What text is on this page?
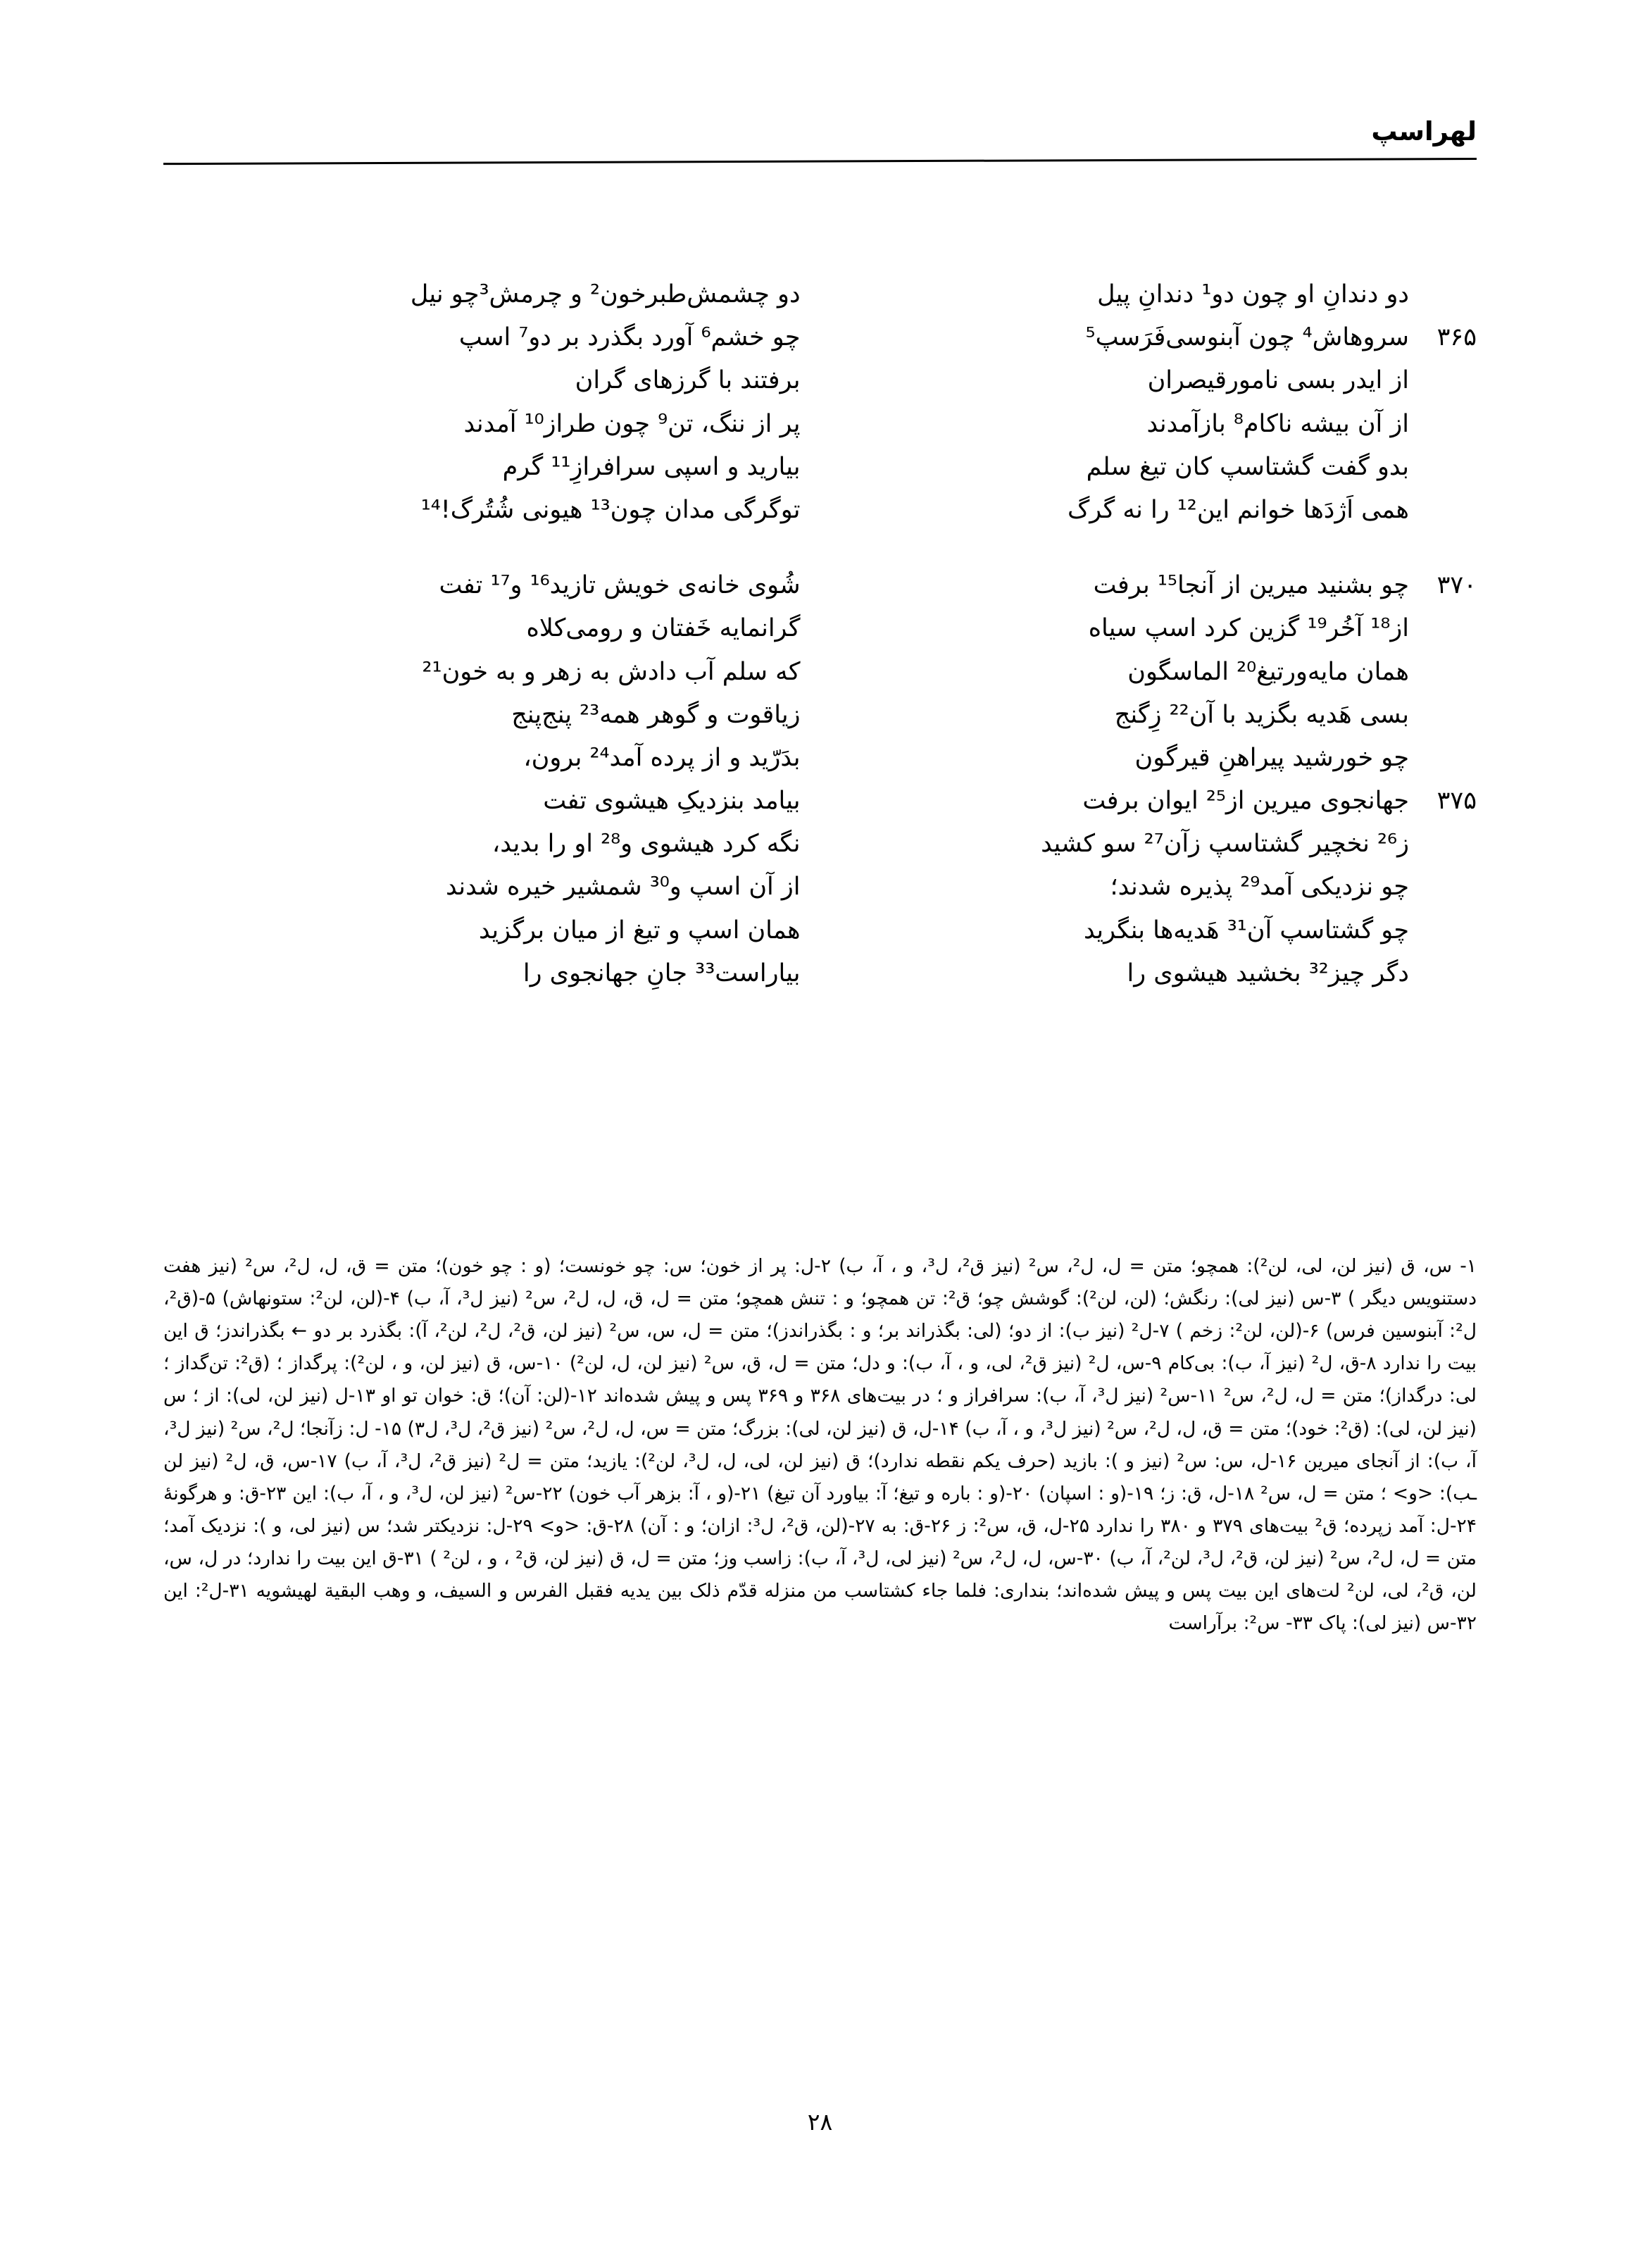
لهراسپ
دو دندانِ او چون دو¹ دندانِ پیل
دو چشمش‌طبرخون² و چرمش³چو نیل
۳۶۵
سروهاش⁴ چون آبنوسی‌فَرَسپ⁵
چو خشم⁶ آورد بگذرد بر دو⁷ اسپ
از ایدر بسی نامورقیصران
برفتند با گرزهای گران
از آن بیشه ناکام⁸ بازآمدند
پر از ننگ، تن⁹ چون طراز¹⁰ آمدند
بدو گفت گشتاسپ کان تیغ سلم
بیارید و اسپی سرافرازِ¹¹ گرم
همی اَژدَها خوانم این¹² را نه گرگ
توگرگی مدان چون¹³ هیونی شُتُرگ!¹⁴
۳۷۰
چو بشنید میرین از آنجا¹⁵ برفت
شُوی خانه‌ی خویش تازید¹⁶ و¹⁷ تفت
از¹⁸ آخُر¹⁹ گزین کرد اسپ سیاه
گرانمایه خَفتان و رومی‌کلاه
همان مایه‌ورتیغ²⁰ الماسگون
که سلم آب دادش به زهر و به خون²¹
بسی هَدیه بگزید با آن²² زِگنج
زیاقوت و گوهر همه²³ پنج‌پنج
چو خورشید پیراهنِ قیرگون
بدَرّید و از پرده آمد²⁴ برون،
۳۷۵
جهانجوی میرین از²⁵ ایوان برفت
بیامد بنزدیکِ هیشوی تفت
ز²⁶ نخچیر گشتاسپ زآن²⁷ سو کشید
نگه کرد هیشوی و²⁸ او را بدید،
چو نزدیکی آمد²⁹ پذیره شدند؛
از آن اسپ و³⁰ شمشیر خیره شدند
چو گشتاسپ آن³¹ هَدیه‌ها بنگرید
همان اسپ و تیغ از میان برگزید
دگر چیز³² بخشید هیشوی را
بیاراست³³ جانِ جهانجوی را

۱- س، ق (نیز لن، لی، لن²): همچو؛ متن = ل، ل²، س² (نیز ق²، ل³، و ، آ، ب) ۲-ل: پر از خون؛ س: چو خونست؛ (و : چو خون)؛ متن = ق، ل، ل²، س² (نیز هفت دستنویس دیگر ) ۳-س (نیز لی): رنگش؛ (لن، لن²): گوشش چو؛ ق²: تن همچو؛ و : تنش همچو؛ متن = ل، ق، ل، ل²، س² (نیز ل³، آ، ب) ۴-(لن، لن²: ستونهاش) ۵-(ق²، ل²: آبنوسین فرس) ۶-(لن، لن²: زخم ) ۷-ل² (نیز ب): از دو؛ (لی: بگذراند بر؛ و : بگذراندز)؛ متن = ل، س، س² (نیز لن، ق²، ل²، لن²، آ): بگذرد بر دو ← بگذراندز؛ ق این بیت را ندارد ۸-ق، ل² (نیز آ، ب): بی‌کام ۹-س، ل² (نیز ق²، لی، و ، آ، ب): و دل؛ متن = ل، ق، س² (نیز لن، ل، لن²) ۱۰-س، ق (نیز لن، و ، لن²): پرگداز ؛ (ق²: تن‌گداز ؛ لی: درگداز)؛ متن = ل، ل²، س² ۱۱-س² (نیز ل³، آ، ب): سرافراز و ؛ در بیت‌های ۳۶۸ و ۳۶۹ پس و پیش شده‌اند ۱۲-(لن: آن)؛ ق: خوان تو او ۱۳-ل (نیز لن، لی): از ؛ س (نیز لن، لی): (ق²: خود)؛ متن = ق، ل، ل²، س² (نیز ل³، و ، آ، ب) ۱۴-ل، ق (نیز لن، لی): بزرگ؛ متن = س، ل، ل²، س² (نیز ق²، ل³، ل۳) ۱۵- ل: زآنجا؛ ل²، س² (نیز ل³، آ، ب): از آنجای میرین ۱۶-ل، س: س² (نیز و ): بازید (حرف یکم نقطه ندارد)؛ ق (نیز لن، لی، ل، ل³، لن²): یازید؛ متن = ل² (نیز ق²، ل³، آ، ب) ۱۷-س، ق، ل² (نیز لن ـب): <و> ؛ متن = ل، س² ۱۸-ل، ق: ز؛ ۱۹-(و : اسپان) ۲۰-(و : باره و تیغ؛ آ: بیاورد آن تیغ) ۲۱-(و ، آ: بزهر آب خون) ۲۲-س² (نیز لن، ل³، و ، آ، ب): این ۲۳-ق: و هرگونهٔ ۲۴-ل: آمد زپرده؛ ق² بیت‌های ۳۷۹ و ۳۸۰ را ندارد ۲۵-ل، ق، س²: ز ۲۶-ق: به ۲۷-(لن، ق²، ل³: ازان؛ و : آن) ۲۸-ق: <و> ۲۹-ل: نزدیکتر شد؛ س (نیز لی، و ): نزدیک آمد؛ متن = ل، ل²، س² (نیز لن، ق²، ل³، لن²، آ، ب) ۳۰-س، ل، ل²، س² (نیز لی، ل³، آ، ب): زاسب وز؛ متن = ل، ق (نیز لن، ق² ، و ، لن² ) ۳۱-ق این بیت را ندارد؛ در ل، س، لن، ق²، لی، لن² لت‌های این بیت پس و پیش شده‌اند؛ بنداری: فلما جاء کشتاسب من منزله قدّم ذلک بین یدیه فقبل الفرس و السیف، و وهب البقیة لهیشویه ۳۱-ل²: این ۳۲-س (نیز لی): پاک ۳۳- س²: برآراست

۲۸
